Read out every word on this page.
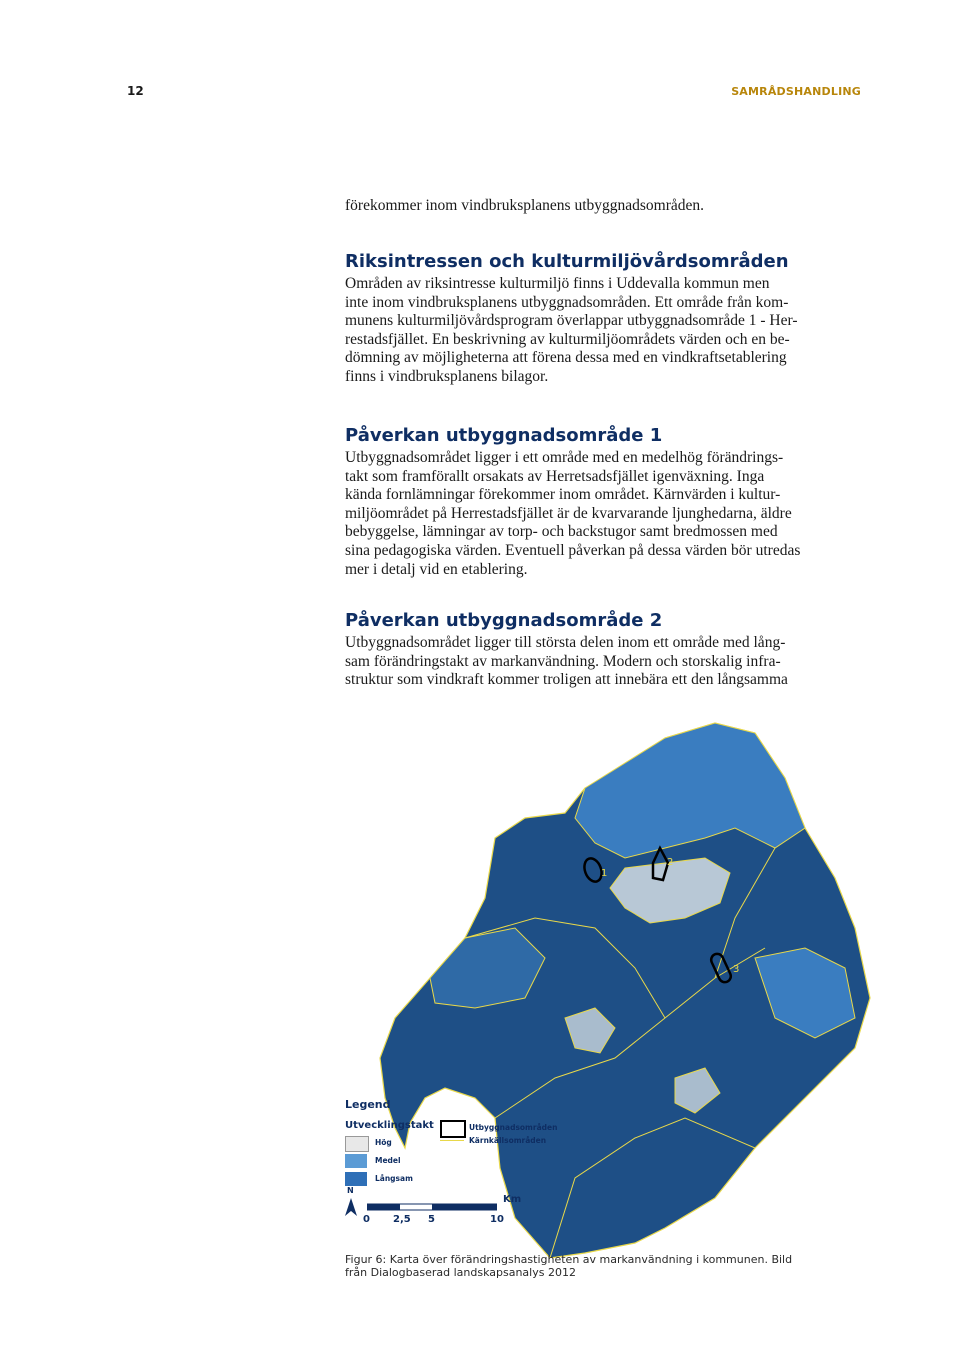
12	SAMRÅDSHANDLING

förekommer inom vindbruksplanens utbyggnadsområden.

Riksintressen och kulturmiljövårdsområden

Områden av riksintresse kulturmiljö finns i Uddevalla kommun men

inte inom vindbruksplanens utbyggnadsområden. Ett område från kom-

munens kulturmiljövårdsprogram överlappar utbyggnadsområde 1 - Her-

restadsfjället. En beskrivning av kulturmiljöområdets värden och en be-

dömning av möjligheterna att förena dessa med en vindkraftsetablering

finns i vindbruksplanens bilagor.

Påverkan utbyggnadsområde 1

Utbyggnadsområdet ligger i ett område med en medelhög förändrings-

takt som framförallt orsakats av Herretsadsfjället igenväxning. Inga

kända fornlämningar förekommer inom området. Kärnvärden i kultur-

miljöområdet på Herrestadsfjället är de kvarvarande ljunghedarna, äldre

bebyggelse, lämningar av torp- och backstugor samt bredmossen med

sina pedagogiska värden. Eventuell påverkan på dessa värden bör utredas

mer i detalj vid en etablering.

Påverkan utbyggnadsområde 2

Utbyggnadsområdet ligger till största delen inom ett område med lång-

sam förändringstakt av markanvändning. Modern och storskalig infra-

struktur som vindkraft kommer troligen att innebära ett den långsamma

1
2
3
Legend
Utvecklingstakt
Hög
Medel
Långsam
Utbyggnadsområden
Kärnkällsområden
N
Km
0 2,5 5	10
Figur 6: Karta över förändringshastigheten av markanvändning i kommunen. Bild
från Dialogbaserad landskapsanalys 2012
